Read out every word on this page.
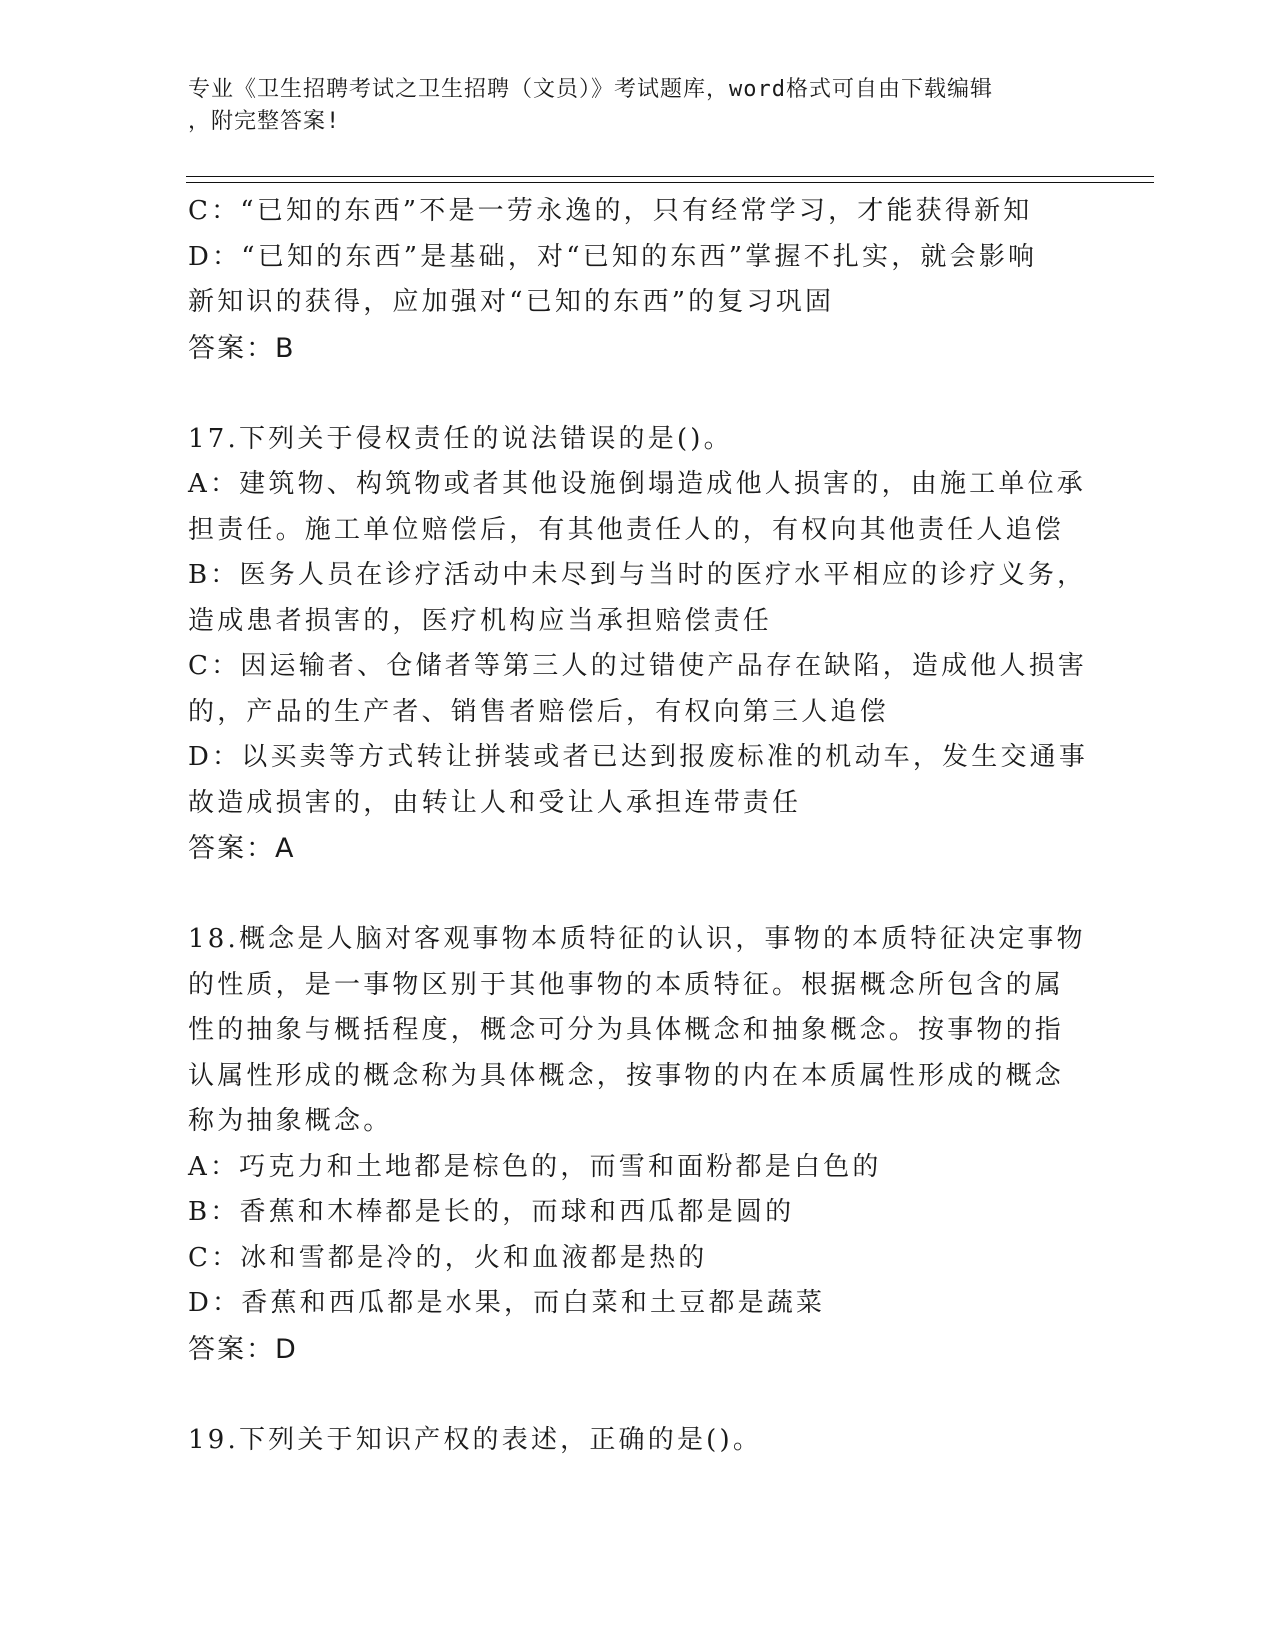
专业《卫生招聘考试之卫生招聘（文员）》考试题库，word格式可自由下载编辑
，附完整答案!
C：“已知的东西”不是一劳永逸的，只有经常学习，才能获得新知
D：“已知的东西”是基础，对“已知的东西”掌握不扎实，就会影响
新知识的获得，应加强对“已知的东西”的复习巩固
答案：B
17.下列关于侵权责任的说法错误的是()。
A：建筑物、构筑物或者其他设施倒塌造成他人损害的，由施工单位承
担责任。施工单位赔偿后，有其他责任人的，有权向其他责任人追偿
B：医务人员在诊疗活动中未尽到与当时的医疗水平相应的诊疗义务，
造成患者损害的，医疗机构应当承担赔偿责任
C：因运输者、仓储者等第三人的过错使产品存在缺陷，造成他人损害
的，产品的生产者、销售者赔偿后，有权向第三人追偿
D：以买卖等方式转让拼装或者已达到报废标准的机动车，发生交通事
故造成损害的，由转让人和受让人承担连带责任
答案：A
18.概念是人脑对客观事物本质特征的认识，事物的本质特征决定事物
的性质，是一事物区别于其他事物的本质特征。根据概念所包含的属
性的抽象与概括程度，概念可分为具体概念和抽象概念。按事物的指
认属性形成的概念称为具体概念，按事物的内在本质属性形成的概念
称为抽象概念。
A：巧克力和土地都是棕色的，而雪和面粉都是白色的
B：香蕉和木棒都是长的，而球和西瓜都是圆的
C：冰和雪都是冷的，火和血液都是热的
D：香蕉和西瓜都是水果，而白菜和土豆都是蔬菜
答案：D
19.下列关于知识产权的表述，正确的是()。
